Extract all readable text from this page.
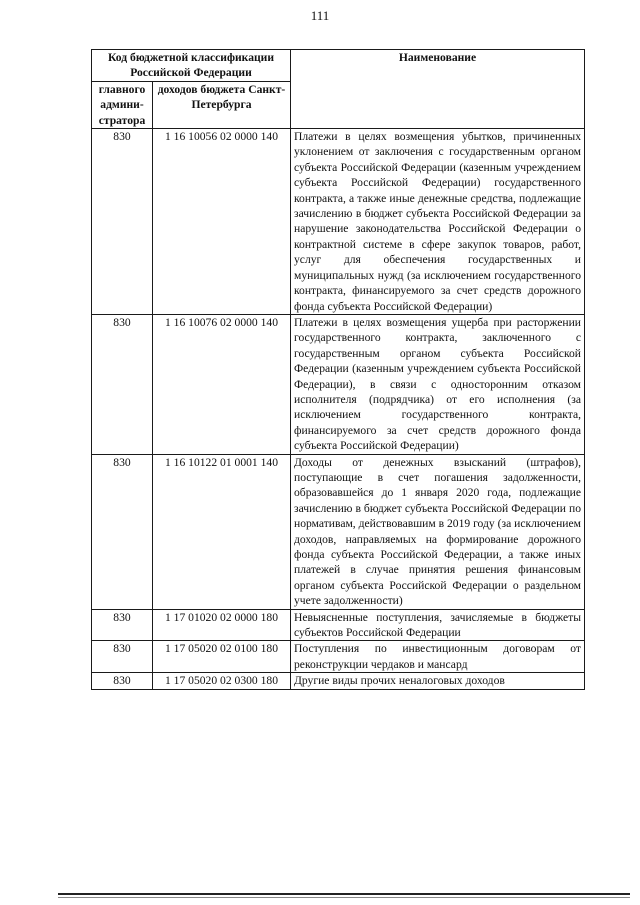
111
Код бюджетной классификации Российской Федерации		Наименование
главного админи-стратора	доходов бюджета Санкт-Петербурга	
830	1 16 10056 02 0000 140	Платежи в целях возмещения убытков, причиненных уклонением от заключения с государственным органом субъекта Российской Федерации (казенным учреждением субъекта Российской Федерации) государственного контракта, а также иные денежные средства, подлежащие зачислению в бюджет субъекта Российской Федерации за нарушение законодательства Российской Федерации о контрактной системе в сфере закупок товаров, работ, услуг для обеспечения государственных и муниципальных нужд (за исключением государственного контракта, финансируемого за счет средств дорожного фонда субъекта Российской Федерации)
830	1 16 10076 02 0000 140	Платежи в целях возмещения ущерба при расторжении государственного контракта, заключенного с государственным органом субъекта Российской Федерации (казенным учреждением субъекта Российской Федерации), в связи с односторонним отказом исполнителя (подрядчика) от его исполнения (за исключением государственного контракта, финансируемого за счет средств дорожного фонда субъекта Российской Федерации)
830	1 16 10122 01 0001 140	Доходы от денежных взысканий (штрафов), поступающие в счет погашения задолженности, образовавшейся до 1 января 2020 года, подлежащие зачислению в бюджет субъекта Российской Федерации по нормативам, действовавшим в 2019 году (за исключением доходов, направляемых на формирование дорожного фонда субъекта Российской Федерации, а также иных платежей в случае принятия решения финансовым органом субъекта Российской Федерации о раздельном учете задолженности)
830	1 17 01020 02 0000 180	Невыясненные поступления, зачисляемые в бюджеты субъектов Российской Федерации
830	1 17 05020 02 0100 180	Поступления по инвестиционным договорам от реконструкции чердаков и мансард
830	1 17 05020 02 0300 180	Другие виды прочих неналоговых доходов
